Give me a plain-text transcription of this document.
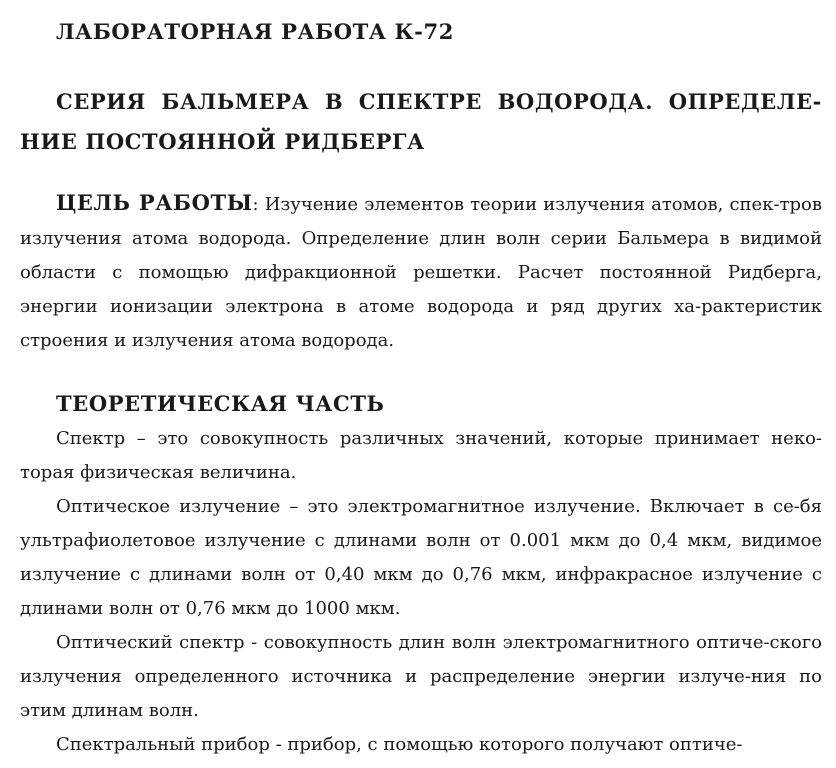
ЛАБОРАТОРНАЯ РАБОТА К-72
СЕРИЯ БАЛЬМЕРА В СПЕКТРЕ ВОДОРОДА. ОПРЕДЕЛЕ-НИЕ ПОСТОЯННОЙ РИДБЕРГА

ЦЕЛЬ РАБОТЫ: Изучение элементов теории излучения атомов, спек-тров излучения атома водорода. Определение длин волн серии Бальмера в видимой области с помощью дифракционной решетки. Расчет постоянной Ридберга, энергии ионизации электрона в атоме водорода и ряд других ха-рактеристик строения и излучения атома водорода.

ТЕОРЕТИЧЕСКАЯ ЧАСТЬ

Спектр – это совокупность различных значений, которые принимает неко-торая физическая величина.

Оптическое излучение – это электромагнитное излучение. Включает в се-бя ультрафиолетовое излучение с длинами волн от 0.001 мкм до 0,4 мкм, видимое излучение с длинами волн от 0,40 мкм до 0,76 мкм, инфракрасное излучение с длинами волн от 0,76 мкм до 1000 мкм.

Оптический спектр - совокупность длин волн электромагнитного оптиче-ского излучения определенного источника и распределение энергии излуче-ния по этим длинам волн.

Спектральный прибор - прибор, с помощью которого получают оптиче-
